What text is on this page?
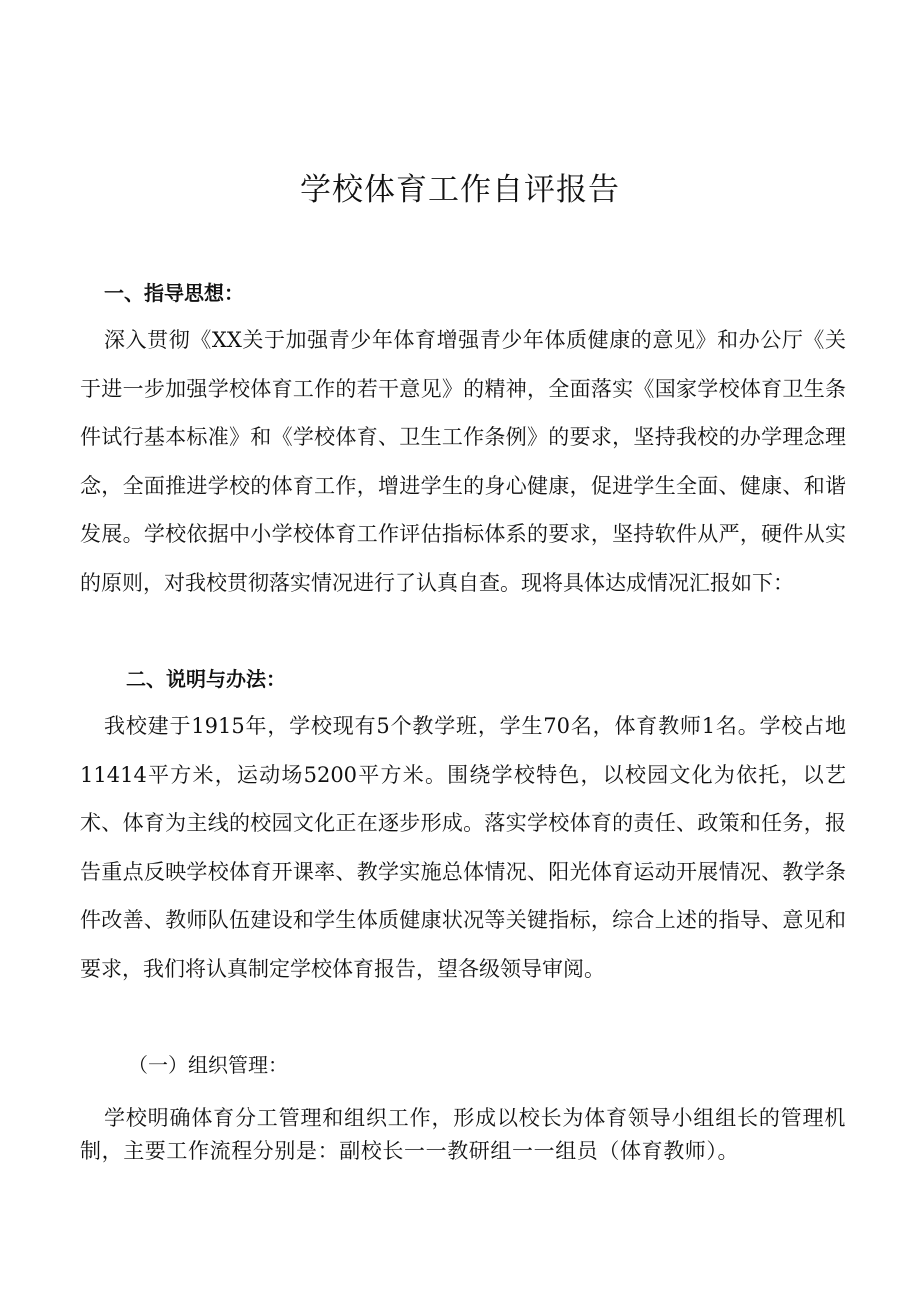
学校体育工作自评报告
一、指导思想：

深入贯彻《XX关于加强青少年体育增强青少年体质健康的意见》和办公厅《关于进一步加强学校体育工作的若干意见》的精神，全面落实《国家学校体育卫生条件试行基本标准》和《学校体育、卫生工作条例》的要求，坚持我校的办学理念理念，全面推进学校的体育工作，增进学生的身心健康，促进学生全面、健康、和谐发展。学校依据中小学校体育工作评估指标体系的要求，坚持软件从严，硬件从实的原则，对我校贯彻落实情况进行了认真自查。现将具体达成情况汇报如下：

二、说明与办法：

我校建于1915年，学校现有5个教学班，学生70名，体育教师1名。学校占地11414平方米，运动场5200平方米。围绕学校特色，以校园文化为依托，以艺术、体育为主线的校园文化正在逐步形成。落实学校体育的责任、政策和任务，报告重点反映学校体育开课率、教学实施总体情况、阳光体育运动开展情况、教学条件改善、教师队伍建设和学生体质健康状况等关键指标，综合上述的指导、意见和要求，我们将认真制定学校体育报告，望各级领导审阅。

（一）组织管理：

学校明确体育分工管理和组织工作，形成以校长为体育领导小组组长的管理机制，主要工作流程分别是：副校长一一教研组一一组员（体育教师）。
